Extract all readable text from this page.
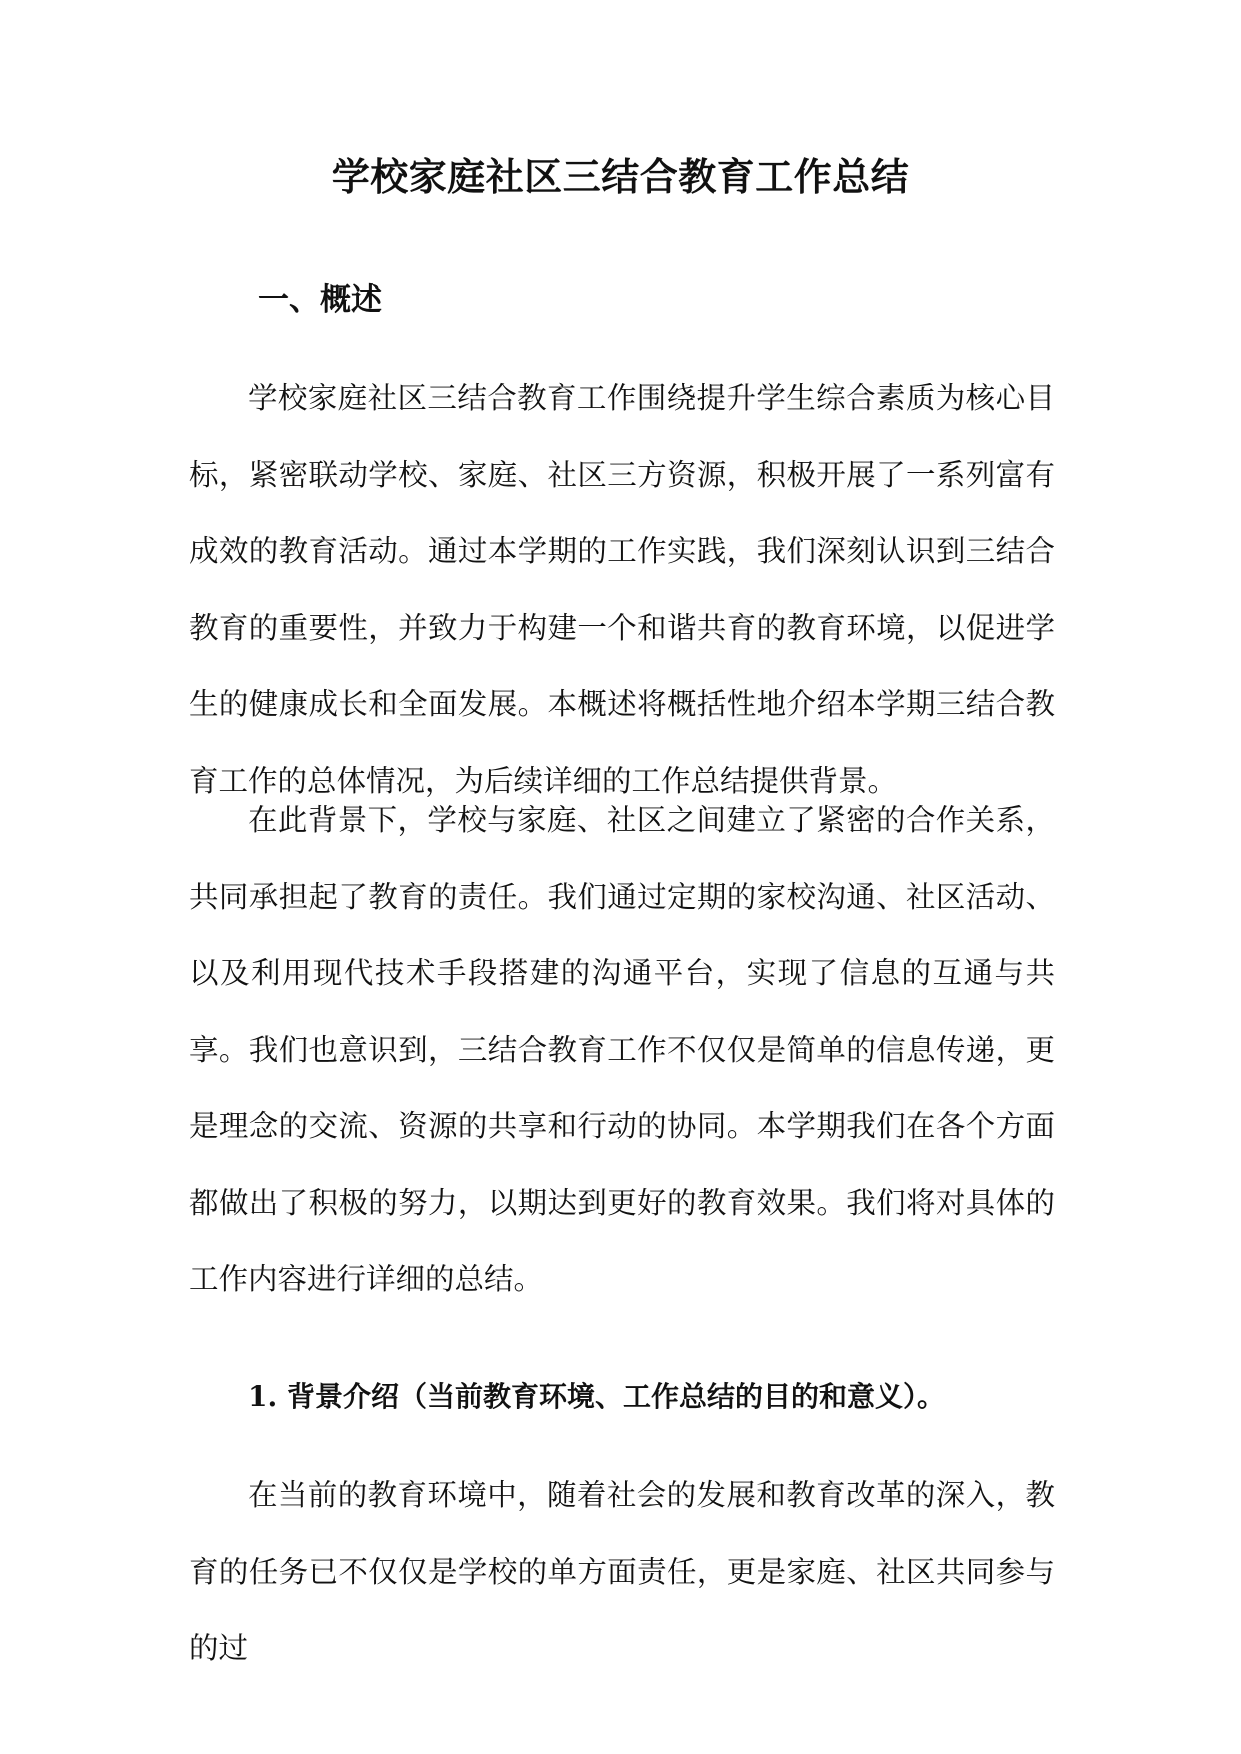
学校家庭社区三结合教育工作总结
一、概述

学校家庭社区三结合教育工作围绕提升学生综合素质为核心目标，紧密联动学校、家庭、社区三方资源，积极开展了一系列富有成效的教育活动。通过本学期的工作实践，我们深刻认识到三结合教育的重要性，并致力于构建一个和谐共育的教育环境，以促进学生的健康成长和全面发展。本概述将概括性地介绍本学期三结合教育工作的总体情况，为后续详细的工作总结提供背景。

在此背景下，学校与家庭、社区之间建立了紧密的合作关系，共同承担起了教育的责任。我们通过定期的家校沟通、社区活动、以及利用现代技术手段搭建的沟通平台，实现了信息的互通与共享。我们也意识到，三结合教育工作不仅仅是简单的信息传递，更是理念的交流、资源的共享和行动的协同。本学期我们在各个方面都做出了积极的努力，以期达到更好的教育效果。我们将对具体的工作内容进行详细的总结。

1. 背景介绍（当前教育环境、工作总结的目的和意义）。

在当前的教育环境中，随着社会的发展和教育改革的深入，教育的任务已不仅仅是学校的单方面责任，更是家庭、社区共同参与的过
